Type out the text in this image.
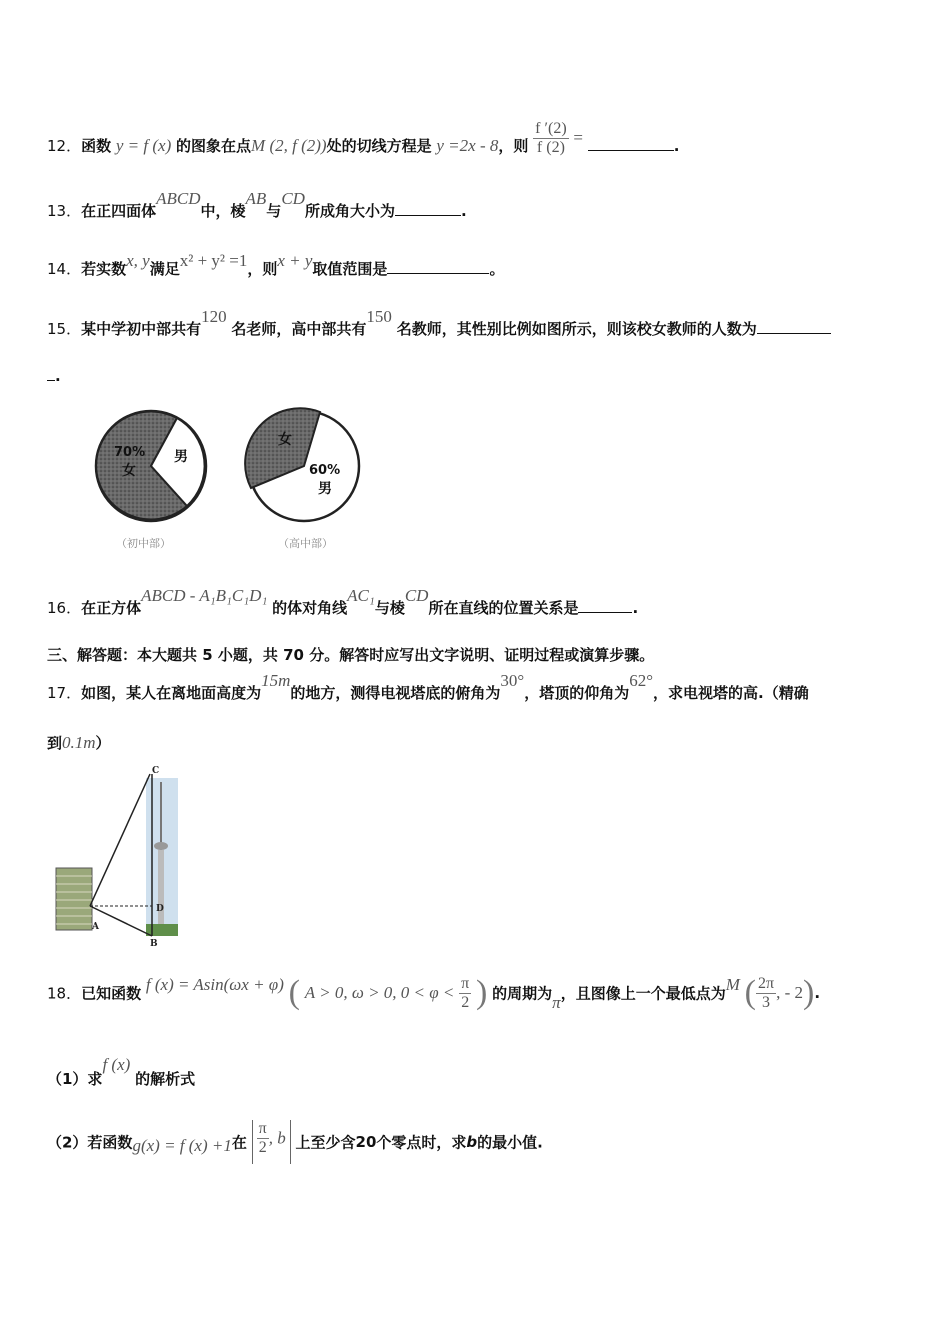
12．函数 y = f (x) 的图象在点M (2, f (2))处的切线方程是 y =2x - 8，则 $\frac{f '(2)}{f (2)}$ =	.
13．在正四面体ABCD中，棱AB与CD所成角大小为	.
14．若实数x, y满足x² + y² =1，则x + y取值范围是	。
15．某中学初中部共有120 名老师，高中部共有150 名教师，其性别比例如图所示，则该校女教师的人数为
.
70%
女
男
（初中部）
女
60%
男
（高中部）
16．在正方体ABCD - A₁B₁C₁D₁ 的体对角线AC₁与棱CD所在直线的位置关系是	.
三、解答题：本大题共 5 小题，共 70 分。解答时应写出文字说明、证明过程或演算步骤。
17．如图，某人在离地面高度为15m的地方，测得电视塔底的俯角为30°，塔顶的仰角为62°，求电视塔的高.（精确
到0.1m）
C
D
A
B
18．已知函数 f (x) = Asin(ωx + φ) ( A > 0, ω > 0, $0 < \varphi < \frac{\pi}{2}$ ) 的周期为π，且图像上一个最低点为M ( $\frac{2\pi}{3}$ , - 2).
（1）求f (x) 的解析式
（2）若函数g(x) = f (x) +1在 $\frac{\pi}{2}$ , b 上至少含20个零点时，求b的最小值.
